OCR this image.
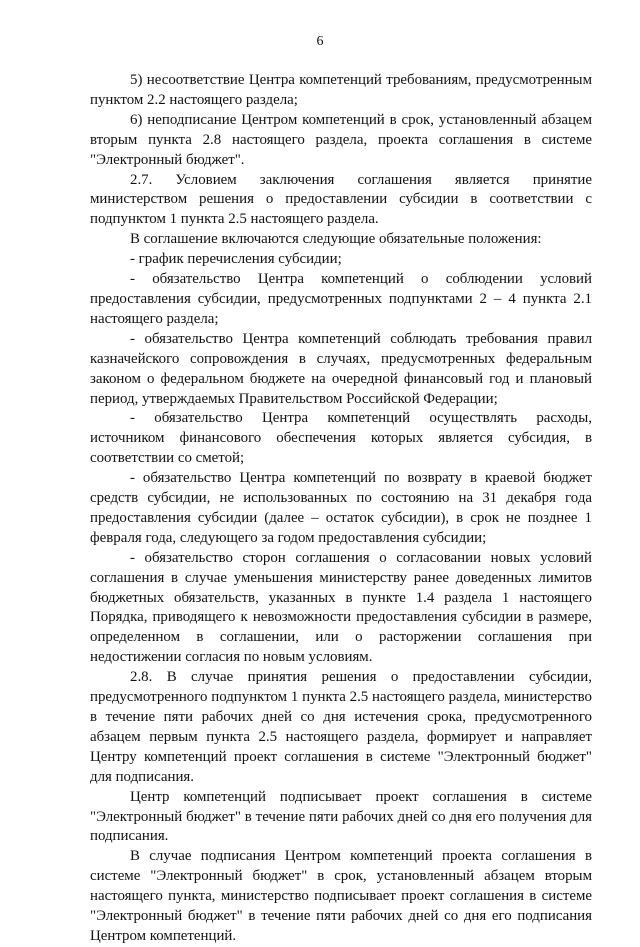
6

5) несоответствие Центра компетенций требованиям, предусмотренным пунктом 2.2 настоящего раздела;

6) неподписание Центром компетенций в срок, установленный абзацем вторым пункта 2.8 настоящего раздела, проекта соглашения в системе "Электронный бюджет".

2.7. Условием заключения соглашения является принятие министерством решения о предоставлении субсидии в соответствии с подпунктом 1 пункта 2.5 настоящего раздела.

В соглашение включаются следующие обязательные положения:

- график перечисления субсидии;

- обязательство Центра компетенций о соблюдении условий предоставления субсидии, предусмотренных подпунктами 2 – 4 пункта 2.1 настоящего раздела;

- обязательство Центра компетенций соблюдать требования правил казначейского сопровождения в случаях, предусмотренных федеральным законом о федеральном бюджете на очередной финансовый год и плановый период, утверждаемых Правительством Российской Федерации;

- обязательство Центра компетенций осуществлять расходы, источником финансового обеспечения которых является субсидия, в соответствии со сметой;

- обязательство Центра компетенций по возврату в краевой бюджет средств субсидии, не использованных по состоянию на 31 декабря года предоставления субсидии (далее – остаток субсидии), в срок не позднее 1 февраля года, следующего за годом предоставления субсидии;

- обязательство сторон соглашения о согласовании новых условий соглашения в случае уменьшения министерству ранее доведенных лимитов бюджетных обязательств, указанных в пункте 1.4 раздела 1 настоящего Порядка, приводящего к невозможности предоставления субсидии в размере, определенном в соглашении, или о расторжении соглашения при недостижении согласия по новым условиям.

2.8. В случае принятия решения о предоставлении субсидии, предусмотренного подпунктом 1 пункта 2.5 настоящего раздела, министерство в течение пяти рабочих дней со дня истечения срока, предусмотренного абзацем первым пункта 2.5 настоящего раздела, формирует и направляет Центру компетенций проект соглашения в системе "Электронный бюджет" для подписания.

Центр компетенций подписывает проект соглашения в системе "Электронный бюджет" в течение пяти рабочих дней со дня его получения для подписания.

В случае подписания Центром компетенций проекта соглашения в системе "Электронный бюджет" в срок, установленный абзацем вторым настоящего пункта, министерство подписывает проект соглашения в системе "Электронный бюджет" в течение пяти рабочих дней со дня его подписания Центром компетенций.
